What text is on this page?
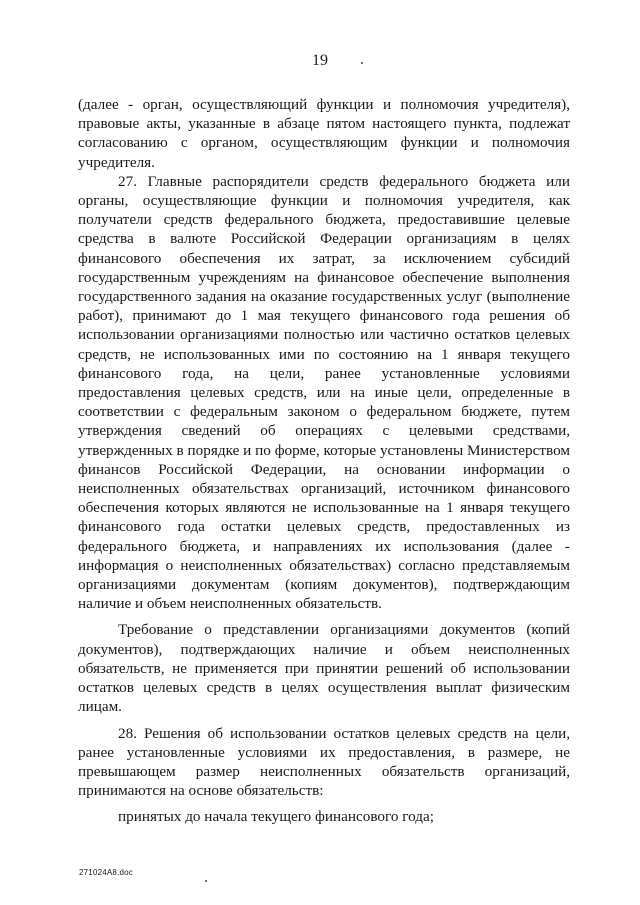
19

(далее - орган, осуществляющий функции и полномочия учредителя), правовые акты, указанные в абзаце пятом настоящего пункта, подлежат согласованию с органом, осуществляющим функции и полномочия учредителя.

27. Главные распорядители средств федерального бюджета или органы, осуществляющие функции и полномочия учредителя, как получатели средств федерального бюджета, предоставившие целевые средства в валюте Российской Федерации организациям в целях финансового обеспечения их затрат, за исключением субсидий государственным учреждениям на финансовое обеспечение выполнения государственного задания на оказание государственных услуг (выполнение работ), принимают до 1 мая текущего финансового года решения об использовании организациями полностью или частично остатков целевых средств, не использованных ими по состоянию на 1 января текущего финансового года, на цели, ранее установленные условиями предоставления целевых средств, или на иные цели, определенные в соответствии с федеральным законом о федеральном бюджете, путем утверждения сведений об операциях с целевыми средствами, утвержденных в порядке и по форме, которые установлены Министерством финансов Российской Федерации, на основании информации о неисполненных обязательствах организаций, источником финансового обеспечения которых являются не использованные на 1 января текущего финансового года остатки целевых средств, предоставленных из федерального бюджета, и направлениях их использования (далее - информация о неисполненных обязательствах) согласно представляемым организациями документам (копиям документов), подтверждающим наличие и объем неисполненных обязательств.

Требование о представлении организациями документов (копий документов), подтверждающих наличие и объем неисполненных обязательств, не применяется при принятии решений об использовании остатков целевых средств в целях осуществления выплат физическим лицам.

28. Решения об использовании остатков целевых средств на цели, ранее установленные условиями их предоставления, в размере, не превышающем размер неисполненных обязательств организаций, принимаются на основе обязательств:

принятых до начала текущего финансового года;

271024A8.doc
